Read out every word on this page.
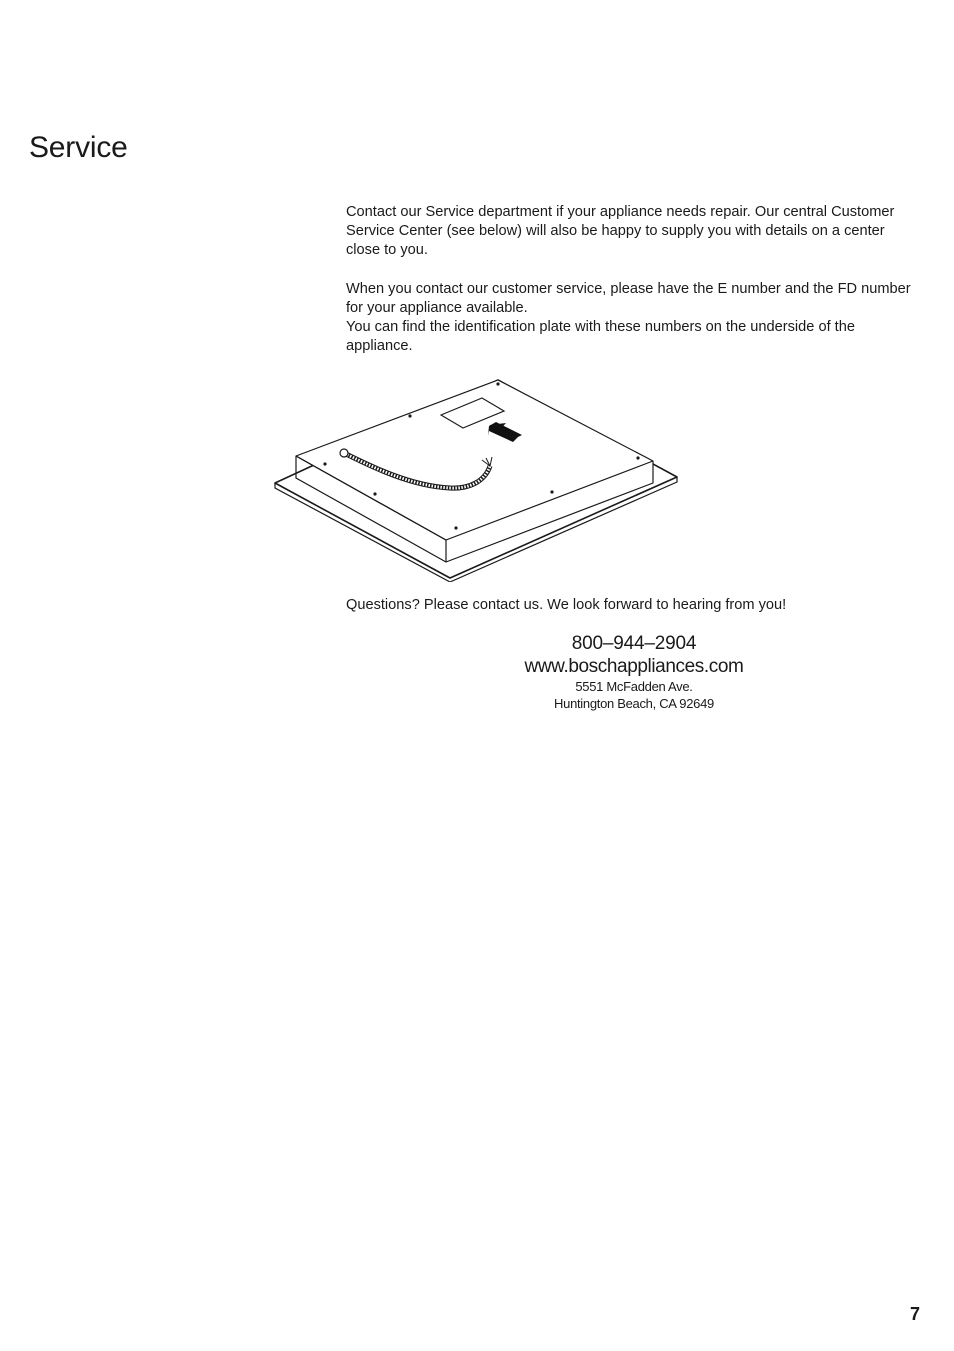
Service
Contact our Service department if your appliance needs repair. Our central Customer Service Center (see below) will also be happy to supply you with details on a center close to you.
When you contact our customer service, please have the E number and the FD number for your appliance available.
You can find the identification plate with these numbers on the underside of the appliance.
Questions? Please contact us. We look forward to hearing from you!
800–944–2904
www.boschappliances.com
5551 McFadden Ave.
Huntington Beach, CA 92649
7
